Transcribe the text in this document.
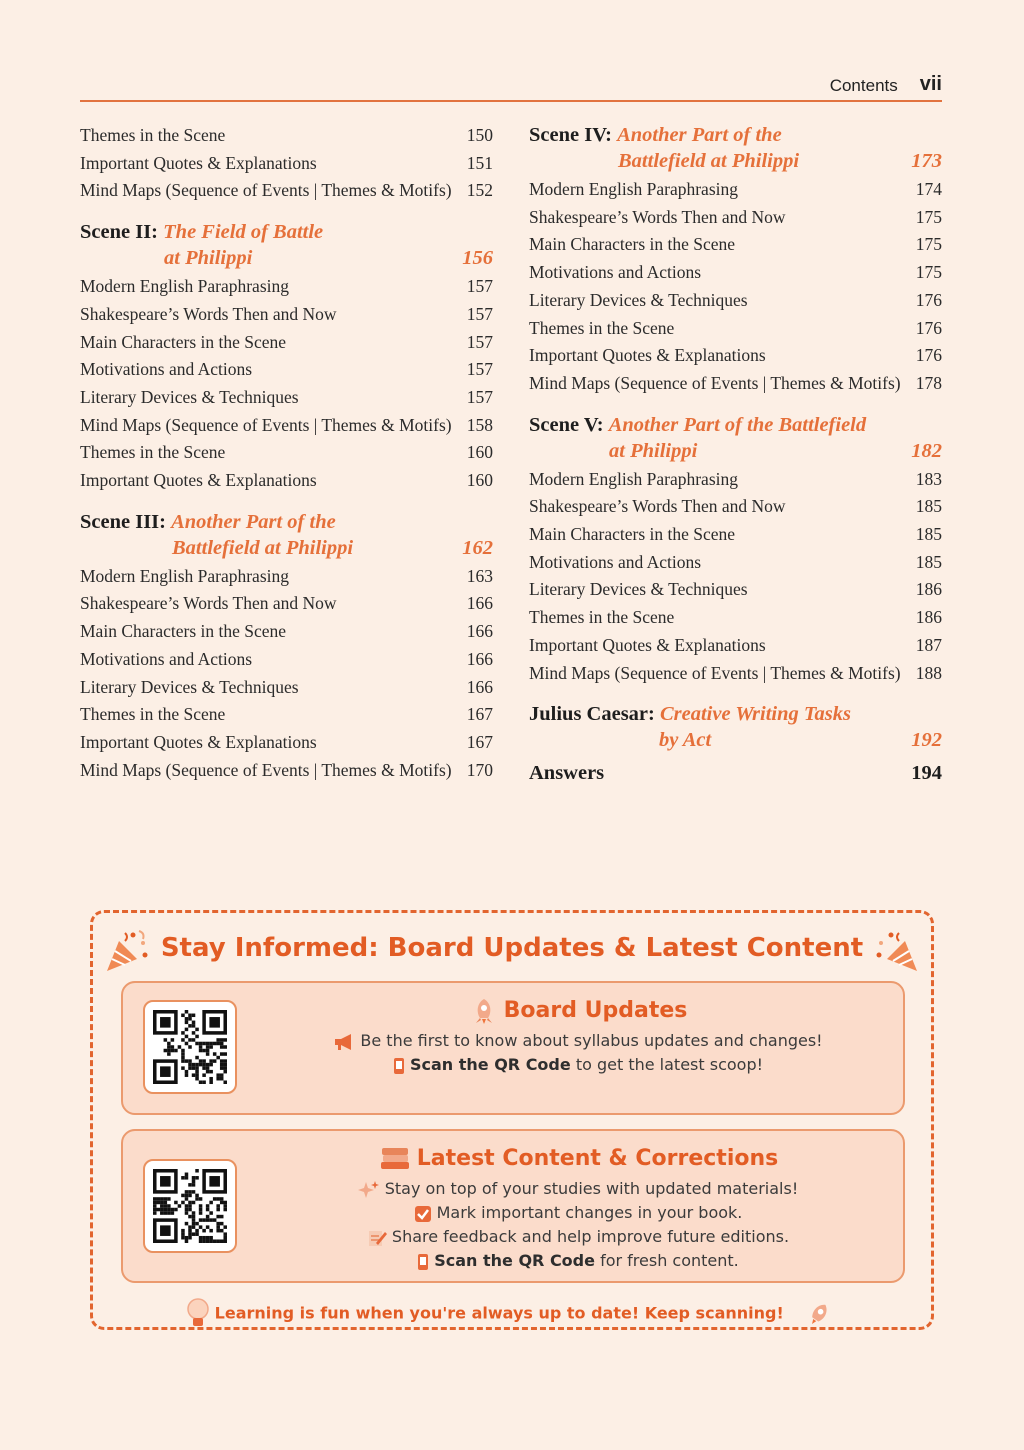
Contents vii
Themes in the Scene	150
Important Quotes & Explanations	151
Mind Maps (Sequence of Events | Themes & Motifs) 152
Scene II: The Field of Battle
at Philippi	156
Modern English Paraphrasing	157
Shakespeare’s Words Then and Now	157
Main Characters in the Scene	157
Motivations and Actions	157
Literary Devices & Techniques	157
Mind Maps (Sequence of Events | Themes & Motifs) 158
Themes in the Scene	160
Important Quotes & Explanations	160
Scene III: Another Part of the
Battlefield at Philippi	162
Modern English Paraphrasing	163
Shakespeare’s Words Then and Now	166
Main Characters in the Scene	166
Motivations and Actions	166
Literary Devices & Techniques	166
Themes in the Scene	167
Important Quotes & Explanations	167
Mind Maps (Sequence of Events | Themes & Motifs) 170
Scene IV: Another Part of the
Battlefield at Philippi	173
Modern English Paraphrasing	174
Shakespeare’s Words Then and Now	175
Main Characters in the Scene	175
Motivations and Actions	175
Literary Devices & Techniques	176
Themes in the Scene	176
Important Quotes & Explanations	176
Mind Maps (Sequence of Events | Themes & Motifs) 178
Scene V: Another Part of the Battlefield
at Philippi	182
Modern English Paraphrasing	183
Shakespeare’s Words Then and Now	185
Main Characters in the Scene	185
Motivations and Actions	185
Literary Devices & Techniques	186
Themes in the Scene	186
Important Quotes & Explanations	187
Mind Maps (Sequence of Events | Themes & Motifs) 188
Julius Caesar: Creative Writing Tasks
by Act	192
Answers	194
Stay Informed: Board Updates & Latest Content
Board Updates
Be the first to know about syllabus updates and changes!
Scan the QR Code to get the latest scoop!
Latest Content & Corrections
Stay on top of your studies with updated materials!
Mark important changes in your book.
Share feedback and help improve future editions.
Scan the QR Code for fresh content.
Learning is fun when you're always up to date! Keep scanning!
